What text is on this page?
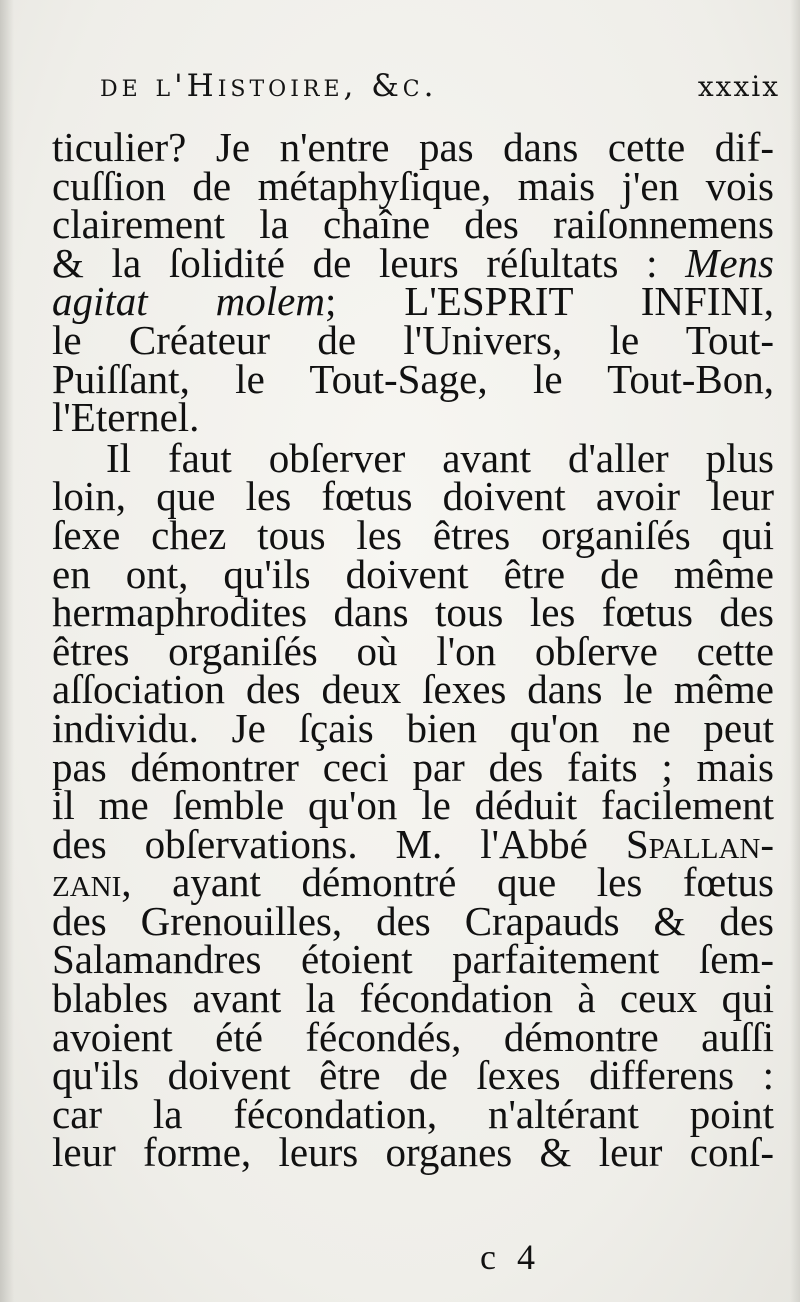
de l'Histoire, &c.	xxxix
ticulier? Je n'entre pas dans cette dif-
cuſſion de métaphyſique, mais j'en vois
clairement la chaîne des raiſonnemens
& la ſolidité de leurs réſultats : Mens
agitat molem; L'ESPRIT INFINI,
le Créateur de l'Univers, le Tout-
Puiſſant, le Tout-Sage, le Tout-Bon,
l'Eternel.
Il faut obſerver avant d'aller plus
loin, que les fœtus doivent avoir leur
ſexe chez tous les êtres organiſés qui
en ont, qu'ils doivent être de même
hermaphrodites dans tous les fœtus des
êtres organiſés où l'on obſerve cette
aſſociation des deux ſexes dans le même
individu. Je ſçais bien qu'on ne peut
pas démontrer ceci par des faits ; mais
il me ſemble qu'on le déduit facilement
des obſervations. M. l'Abbé Spallan-
zani, ayant démontré que les fœtus
des Grenouilles, des Crapauds & des
Salamandres étoient parfaitement ſem-
blables avant la fécondation à ceux qui
avoient été fécondés, démontre auſſi
qu'ils doivent être de ſexes differens :
car la fécondation, n'altérant point
leur forme, leurs organes & leur conſ-
c 4
